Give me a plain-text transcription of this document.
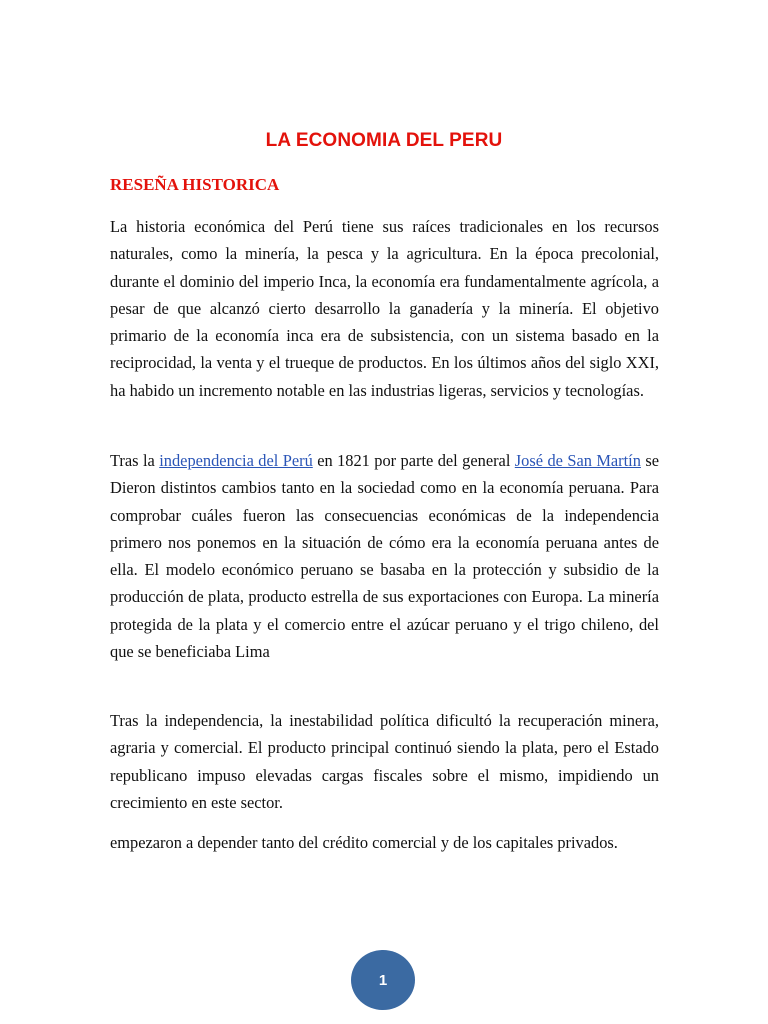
LA ECONOMIA DEL PERU
RESEÑA HISTORICA

La historia económica del Perú tiene sus raíces tradicionales en los recursos naturales, como la minería, la pesca y la agricultura. En la época precolonial, durante el dominio del imperio Inca, la economía era fundamentalmente agrícola, a pesar de que alcanzó cierto desarrollo la ganadería y la minería. El objetivo primario de la economía inca era de subsistencia, con un sistema basado en la reciprocidad, la venta y el trueque de productos. En los últimos años del siglo XXI, ha habido un incremento notable en las industrias ligeras, servicios y tecnologías.

Tras la independencia del Perú en 1821 por parte del general José de San Martín se Dieron distintos cambios tanto en la sociedad como en la economía peruana. Para comprobar cuáles fueron las consecuencias económicas de la independencia primero nos ponemos en la situación de cómo era la economía peruana antes de ella. El modelo económico peruano se basaba en la protección y subsidio de la producción de plata, producto estrella de sus exportaciones con Europa. La minería protegida de la plata y el comercio entre el azúcar peruano y el trigo chileno, del que se beneficiaba Lima

Tras la independencia, la inestabilidad política dificultó la recuperación minera, agraria y comercial. El producto principal continuó siendo la plata, pero el Estado republicano impuso elevadas cargas fiscales sobre el mismo, impidiendo un crecimiento en este sector.

empezaron a depender tanto del crédito comercial y de los capitales privados.

1
